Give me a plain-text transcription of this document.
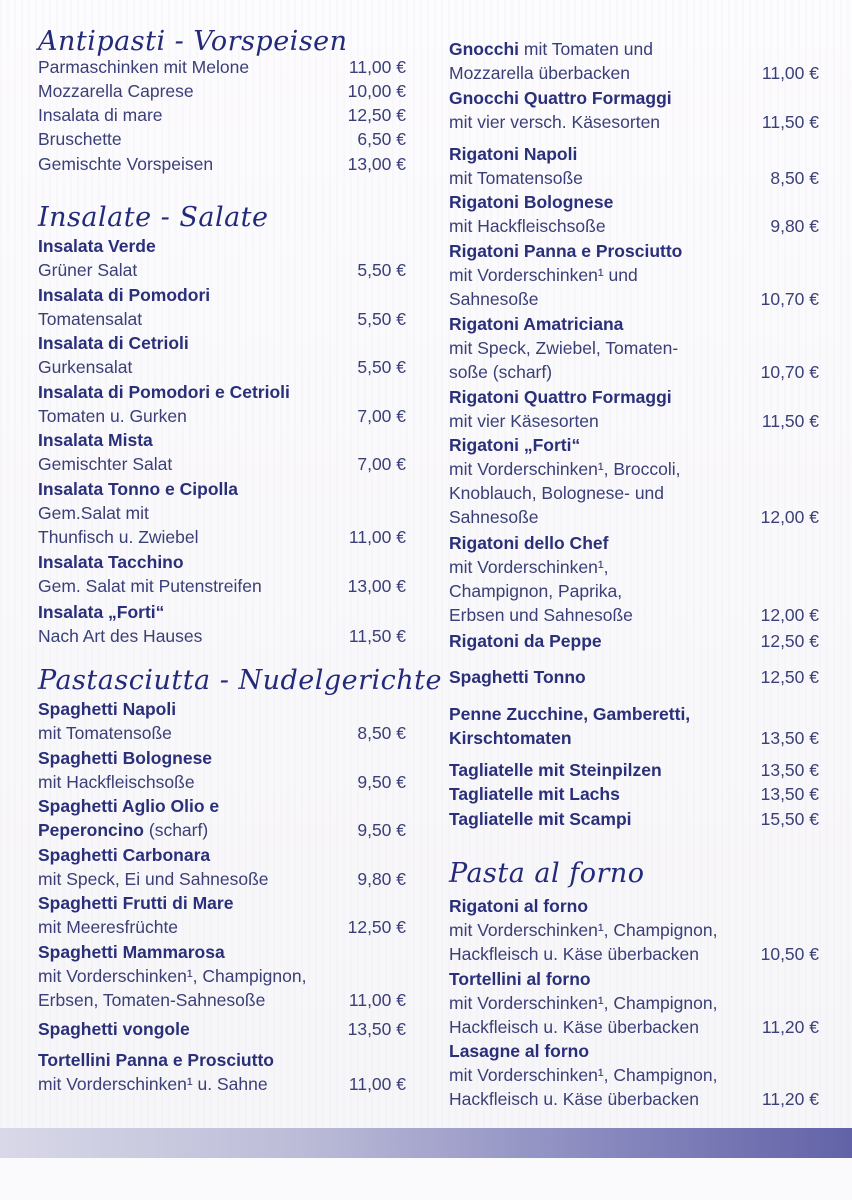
Antipasti - Vorspeisen
Parmaschinken mit Melone	11,00 €
Mozzarella Caprese	10,00 €
Insalata di mare	12,50 €
Bruschette	6,50 €
Gemischte Vorspeisen	13,00 €
Insalate - Salate
Insalata Verde
Grüner Salat	5,50 €
Insalata di Pomodori
Tomatensalat	5,50 €
Insalata di Cetrioli
Gurkensalat	5,50 €
Insalata di Pomodori e Cetrioli
Tomaten u. Gurken	7,00 €
Insalata Mista
Gemischter Salat	7,00 €
Insalata Tonno e Cipolla
Gem.Salat mit
Thunfisch u. Zwiebel	11,00 €
Insalata Tacchino
Gem. Salat mit Putenstreifen	13,00 €
Insalata „Forti“
Nach Art des Hauses	11,50 €
Pastasciutta - Nudelgerichte
Spaghetti Napoli
mit Tomatensoße	8,50 €
Spaghetti Bolognese
mit Hackfleischsoße	9,50 €
Spaghetti Aglio Olio e
Peperoncino (scharf)	9,50 €
Spaghetti Carbonara
mit Speck, Ei und Sahnesoße	9,80 €
Spaghetti Frutti di Mare
mit Meeresfrüchte	12,50 €
Spaghetti Mammarosa
mit Vorderschinken¹, Champignon,
Erbsen, Tomaten-Sahnesoße	11,00 €
Spaghetti vongole	13,50 €
Tortellini Panna e Prosciutto
mit Vorderschinken¹ u. Sahne	11,00 €
Gnocchi mit Tomaten und
Mozzarella überbacken	11,00 €
Gnocchi Quattro Formaggi
mit vier versch. Käsesorten	11,50 €
Rigatoni Napoli
mit Tomatensoße	8,50 €
Rigatoni Bolognese
mit Hackfleischsoße	9,80 €
Rigatoni Panna e Prosciutto
mit Vorderschinken¹ und
Sahnesoße	10,70 €
Rigatoni Amatriciana
mit Speck, Zwiebel, Tomaten-
soße (scharf)	10,70 €
Rigatoni Quattro Formaggi
mit vier Käsesorten	11,50 €
Rigatoni „Forti“
mit Vorderschinken¹, Broccoli,
Knoblauch, Bolognese- und
Sahnesoße	12,00 €
Rigatoni dello Chef
mit Vorderschinken¹,
Champignon, Paprika,
Erbsen und Sahnesoße	12,00 €
Rigatoni da Peppe	12,50 €
Spaghetti Tonno	12,50 €
Penne Zucchine, Gamberetti,
Kirschtomaten	13,50 €
Tagliatelle mit Steinpilzen	13,50 €
Tagliatelle mit Lachs	13,50 €
Tagliatelle mit Scampi	15,50 €
Pasta al forno
Rigatoni al forno
mit Vorderschinken¹, Champignon,
Hackfleisch u. Käse überbacken	10,50 €
Tortellini al forno
mit Vorderschinken¹, Champignon,
Hackfleisch u. Käse überbacken	11,20 €
Lasagne al forno
mit Vorderschinken¹, Champignon,
Hackfleisch u. Käse überbacken	11,20 €
